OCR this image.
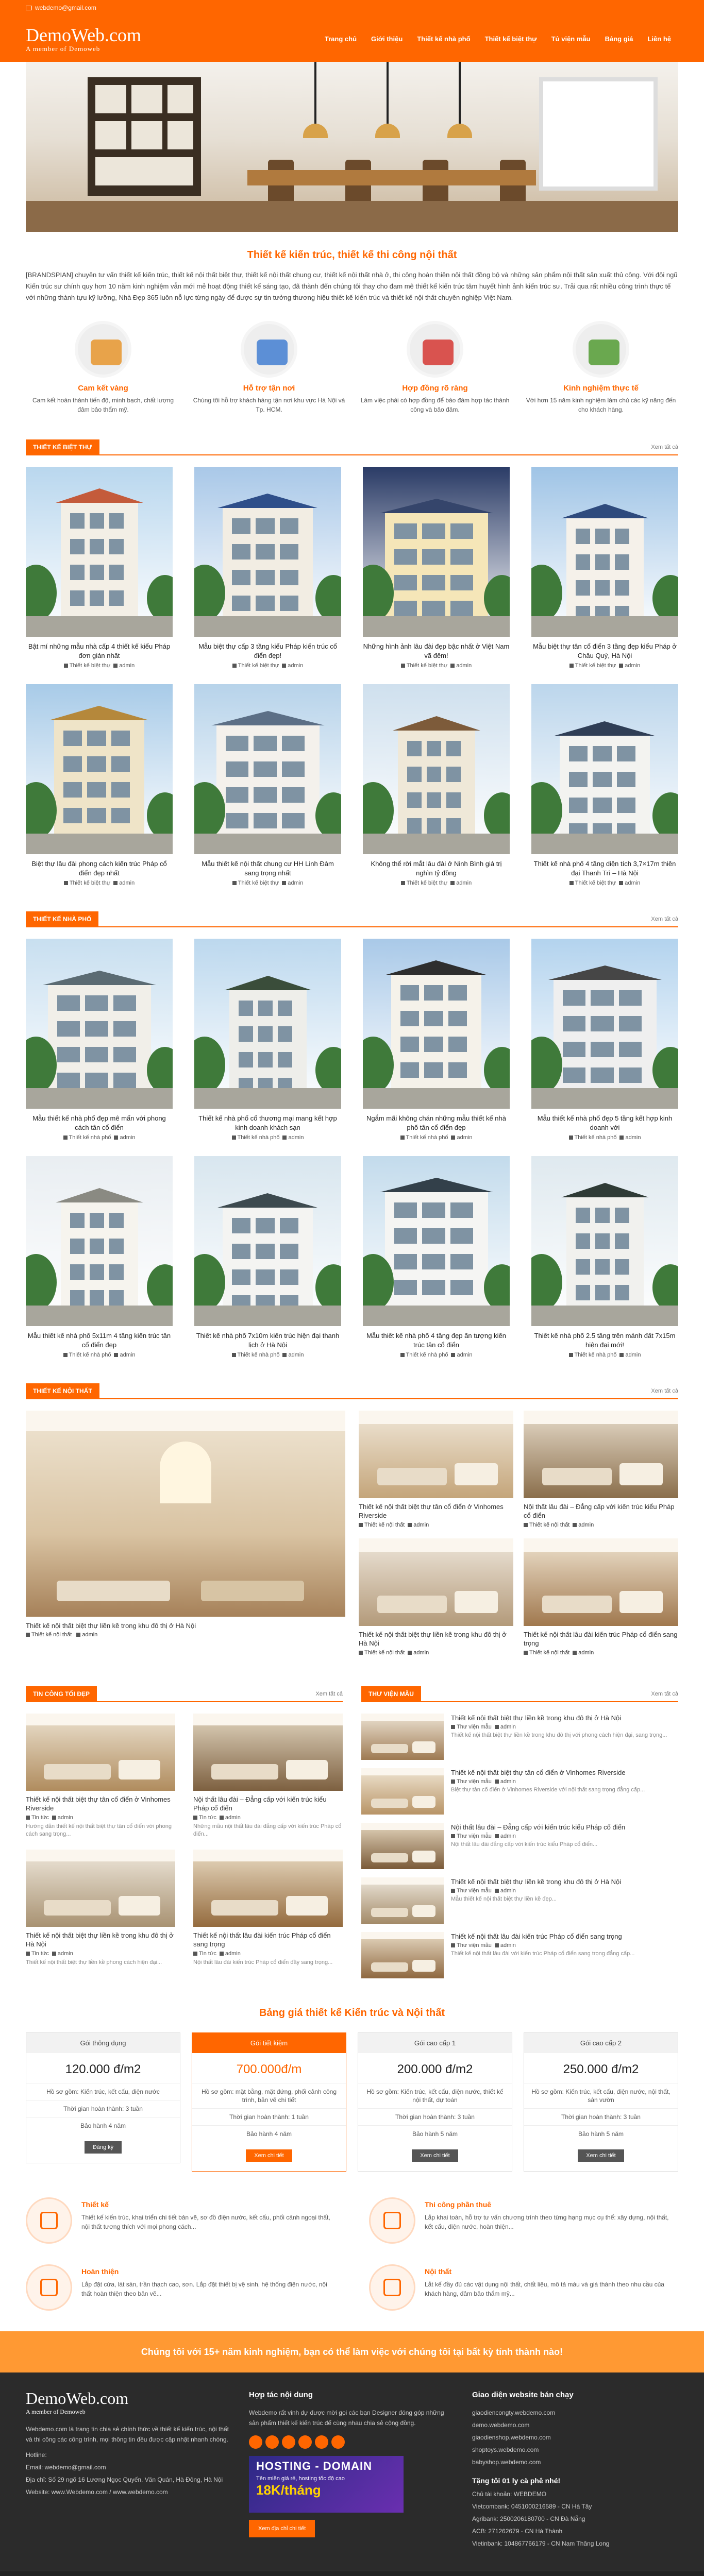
webdemo@gmail.com
DemoWeb.com
A member of Demoweb
Trang chủ	Giới thiệu	Thiết kế nhà phố	Thiết kế biệt thự	Tủ viện mẫu	Bảng giá	Liên hệ
Thiết kế kiến trúc, thiết kế thi công nội thất

[BRANDSPIAN] chuyên tư vấn thiết kế kiến trúc, thiết kế nội thất biệt thự, thiết kế nội thất chung cư, thiết kế nội thất nhà ở, thi công hoàn thiện nội thất đồng bộ và những sản phẩm nội thất sản xuất thủ công. Với đội ngũ Kiến trúc sư chính quy hơn 10 năm kinh nghiệm vẫn mới mẻ hoạt động thiết kế sáng tạo, đã thành đến chúng tôi thay cho đam mê thiết kế kiến trúc tâm huyết hình ảnh kiến trúc sư. Trải qua rất nhiều công trình thực tế với những thành tựu kỹ lưỡng, Nhà Đẹp 365 luôn nỗ lực từng ngày để được sự tin tưởng thương hiệu thiết kế kiến trúc và thiết kế nội thất chuyên nghiệp Việt Nam.

Cam kết vàng

Cam kết hoàn thành tiến độ, minh bạch, chất lượng đảm bảo thẩm mỹ.

Hỗ trợ tận nơi

Chúng tôi hỗ trợ khách hàng tận nơi khu vực Hà Nội và Tp. HCM.

Hợp đồng rõ ràng

Làm việc phải có hợp đồng để bảo đảm hợp tác thành công và bảo đảm.

Kinh nghiệm thực tế

Với hơn 15 năm kinh nghiệm làm chủ các kỹ năng đến cho khách hàng.

THIẾT KẾ BIỆT THỰ	Xem tất cả
Bật mí những mẫu nhà cấp 4 thiết kế kiểu Pháp đơn giản nhất
Thiết kế biệt thự admin
Mẫu biệt thự cấp 3 tầng kiểu Pháp kiến trúc cổ điển đẹp!
Thiết kế biệt thự admin
Những hình ảnh lâu đài đẹp bậc nhất ở Việt Nam vã đêm!
Thiết kế biệt thự admin
Mẫu biệt thự tân cổ điển 3 tầng đẹp kiểu Pháp ở Châu Quý, Hà Nội
Thiết kế biệt thự admin
Biệt thự lâu đài phong cách kiến trúc Pháp cổ điển đẹp nhất
Thiết kế biệt thự admin
Mẫu thiết kế nội thất chung cư HH Linh Đàm sang trọng nhất
Thiết kế biệt thự admin
Không thể rời mắt lâu đài ở Ninh Bình giá trị nghìn tỷ đồng
Thiết kế biệt thự admin
Thiết kế nhà phố 4 tầng diện tích 3,7×17m thiên đại Thanh Trì – Hà Nội
Thiết kế biệt thự admin
THIẾT KẾ NHÀ PHỐ	Xem tất cả
Mẫu thiết kế nhà phố đẹp mê mẩn với phong cách tân cổ điển
Thiết kế nhà phố admin
Thiết kế nhà phố cổ thương mại mang kết hợp kinh doanh khách sạn
Thiết kế nhà phố admin
Ngắm mãi không chán những mẫu thiết kế nhà phố tân cổ điển đẹp
Thiết kế nhà phố admin
Mẫu thiết kế nhà phố đẹp 5 tầng kết hợp kinh doanh với
Thiết kế nhà phố admin
Mẫu thiết kế nhà phố 5x11m 4 tầng kiến trúc tân cổ điển đẹp
Thiết kế nhà phố admin
Thiết kế nhà phố 7x10m kiến trúc hiện đại thanh lịch ở Hà Nội
Thiết kế nhà phố admin
Mẫu thiết kế nhà phố 4 tầng đẹp ấn tượng kiến trúc tân cổ điển
Thiết kế nhà phố admin
Thiết kế nhà phố 2.5 tầng trên mảnh đất 7x15m hiện đại mới!
Thiết kế nhà phố admin
THIẾT KẾ NỘI THẤT	Xem tất cả
Thiết kế nội thất biệt thự liền kề trong khu đô thị ở Hà Nội
Thiết kế nội thất admin
Thiết kế nội thất biệt thự tân cổ điển ở Vinhomes Riverside
Thiết kế nội thất admin
Nội thất lâu đài – Đẳng cấp với kiến trúc kiểu Pháp cổ điển
Thiết kế nội thất admin
Thiết kế nội thất biệt thự liền kề trong khu đô thị ở Hà Nội
Thiết kế nội thất admin
Thiết kế nội thất lâu đài kiến trúc Pháp cổ điển sang trọng
Thiết kế nội thất admin
TIN CÔNG TỐI ĐẸP	Xem tất cả
Thiết kế nội thất biệt thự tân cổ điển ở Vinhomes Riverside
Tin tức admin
Hướng dẫn thiết kế nội thất biệt thự tân cổ điển với phong cách sang trọng...
Nội thất lâu đài – Đẳng cấp với kiến trúc kiểu Pháp cổ điển
Tin tức admin
Những mẫu nội thất lâu đài đẳng cấp với kiến trúc Pháp cổ điển...
Thiết kế nội thất biệt thự liền kề trong khu đô thị ở Hà Nội
Tin tức admin
Thiết kế nội thất biệt thự liền kề phong cách hiện đại...
Thiết kế nội thất lâu đài kiến trúc Pháp cổ điển sang trọng
Tin tức admin
Nội thất lâu đài kiến trúc Pháp cổ điển đầy sang trọng...
THƯ VIỆN MẪU	Xem tất cả
Thiết kế nội thất biệt thự liền kề trong khu đô thị ở Hà Nội
Thư viện mẫu admin
Thiết kế nội thất biệt thự liền kề trong khu đô thị với phong cách hiện đại, sang trọng...
Thiết kế nội thất biệt thự tân cổ điển ở Vinhomes Riverside
Thư viện mẫu admin
Biệt thự tân cổ điển ở Vinhomes Riverside với nội thất sang trọng đẳng cấp...
Nội thất lâu đài – Đẳng cấp với kiến trúc kiểu Pháp cổ điển
Thư viện mẫu admin
Nội thất lâu đài đẳng cấp với kiến trúc kiểu Pháp cổ điển...
Thiết kế nội thất biệt thự liền kề trong khu đô thị ở Hà Nội
Thư viện mẫu admin
Mẫu thiết kế nội thất biệt thự liền kề đẹp...
Thiết kế nội thất lâu đài kiến trúc Pháp cổ điển sang trọng
Thư viện mẫu admin
Thiết kế nội thất lâu đài với kiến trúc Pháp cổ điển sang trọng đẳng cấp...
Bảng giá thiết kế Kiến trúc và Nội thất
Gói thông dụng
120.000 đ/m2
Hồ sơ gồm: Kiến trúc, kết cấu, điện nước
Thời gian hoàn thành: 3 tuần
Bảo hành 4 năm
Đăng ký
Gói tiết kiệm
700.000đ/m
Hồ sơ gồm: mặt bằng, mặt đứng, phối cảnh công trình, bản vẽ chi tiết
Thời gian hoàn thành: 1 tuần
Bảo hành 4 năm
Xem chi tiết
Gói cao cấp 1
200.000 đ/m2
Hồ sơ gồm: Kiến trúc, kết cấu, điện nước, thiết kế nội thất, dự toán
Thời gian hoàn thành: 3 tuần
Bảo hành 5 năm
Xem chi tiết
Gói cao cấp 2
250.000 đ/m2
Hồ sơ gồm: Kiến trúc, kết cấu, điện nước, nội thất, sân vườn
Thời gian hoàn thành: 3 tuần
Bảo hành 5 năm
Xem chi tiết
Thiết kế

Thiết kế kiến trúc, khai triển chi tiết bản vẽ, sơ đồ điện nước, kết cấu, phối cảnh ngoại thất, nội thất tương thích với mọi phong cách...

Thi công phần thuê

Lắp khai toàn, hỗ trợ tư vấn chương trình theo từng hạng mục cụ thể: xây dựng, nội thất, kết cấu, điện nước, hoàn thiện...

Hoàn thiện

Lắp đặt cửa, lát sàn, trần thạch cao, sơn. Lắp đặt thiết bị vệ sinh, hệ thống điện nước, nội thất hoàn thiện theo bản vẽ...

Nội thất

Lắt kế đầy đủ các vật dụng nội thất, chất liệu, mô tả màu và giá thành theo nhu cầu của khách hàng, đảm bảo thẩm mỹ...

Chúng tôi với 15+ năm kinh nghiệm, bạn có thể làm việc với chúng tôi tại bất kỳ tỉnh thành nào!
DemoWeb.com
A member of Demoweb

Webdemo.com là trang tin chia sẻ chính thức về thiết kế kiến trúc, nội thất và thi công các công trình, mọi thông tin đều được cập nhật nhanh chóng.

Hotline:
Email: webdemo@gmail.com
Địa chỉ: Số 29 ngõ 16 Lương Ngọc Quyến, Văn Quán, Hà Đông, Hà Nội
Website: www.Webdemo.com / www.webdemo.com
Hợp tác nội dung

Webdemo rất vinh dự được mời gọi các bạn Designer đóng góp những sản phẩm thiết kế kiến trúc để cùng nhau chia sẻ cộng đồng.

HOSTING - DOMAIN
Tên miền giá rẻ, hosting tốc độ cao
18K/tháng
Xem địa chỉ chi tiết
Giao diện website bán chạy
giaodiencongty.webdemo.com
demo.webdemo.com
giaodienshop.webdemo.com
shoptoys.webdemo.com
babyshop.webdemo.com
Tặng tôi 01 ly cà phê nhé!
Chủ tài khoản: WEBDEMO
Vietcombank: 0451000216589 - CN Hà Tây
Agribank: 2500206180700 - CN Đà Nẵng
ACB: 271262679 - CN Hà Thành
Vietinbank: 104867766179 - CN Nam Thăng Long
